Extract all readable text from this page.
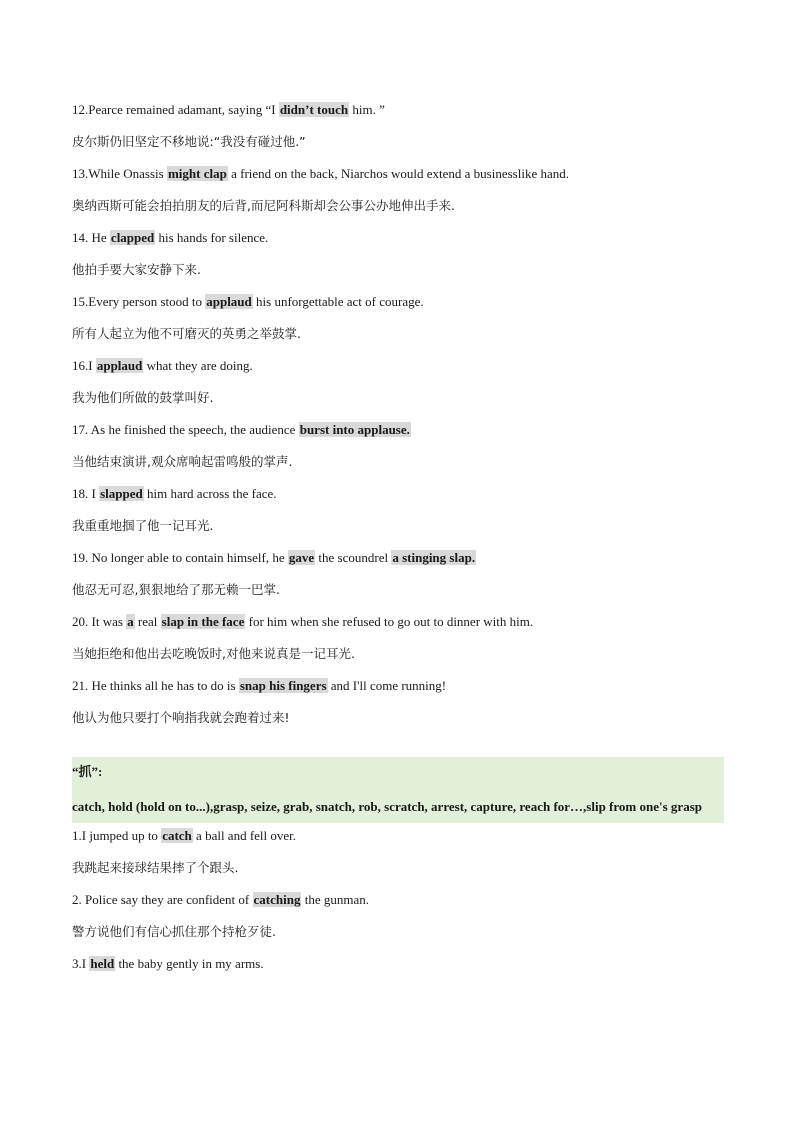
12.Pearce remained adamant, saying “I didn’t touch him. ”
皮尔斯仍旧坚定不移地说:“我没有碰过他.”
13.While Onassis might clap a friend on the back, Niarchos would extend a businesslike hand.
奥纳西斯可能会拍拍朋友的后背,而尼阿科斯却会公事公办地伸出手来.
14. He clapped his hands for silence.
他拍手要大家安静下来.
15.Every person stood to applaud his unforgettable act of courage.
所有人起立为他不可磨灭的英勇之举鼓掌.
16.I applaud what they are doing.
我为他们所做的鼓掌叫好.
17. As he finished the speech, the audience burst into applause.
当他结束演讲,观众席响起雷鸣般的掌声.
18. I slapped him hard across the face.
我重重地掴了他一记耳光.
19. No longer able to contain himself, he gave the scoundrel a stinging slap.
他忍无可忍,狠狠地给了那无赖一巴掌.
20. It was a real slap in the face for him when she refused to go out to dinner with him.
当她拒绝和他出去吃晚饭时,对他来说真是一记耳光.
21. He thinks all he has to do is snap his fingers and I'll come running!
他认为他只要打个响指我就会跑着过来!
“抓”:
catch, hold (hold on to...),grasp, seize, grab, snatch, rob, scratch, arrest, capture, reach for…,slip from one's grasp
1.I jumped up to catch a ball and fell over.
我跳起来接球结果摔了个跟头.
2. Police say they are confident of catching the gunman.
警方说他们有信心抓住那个持枪歹徒.
3.I held the baby gently in my arms.
